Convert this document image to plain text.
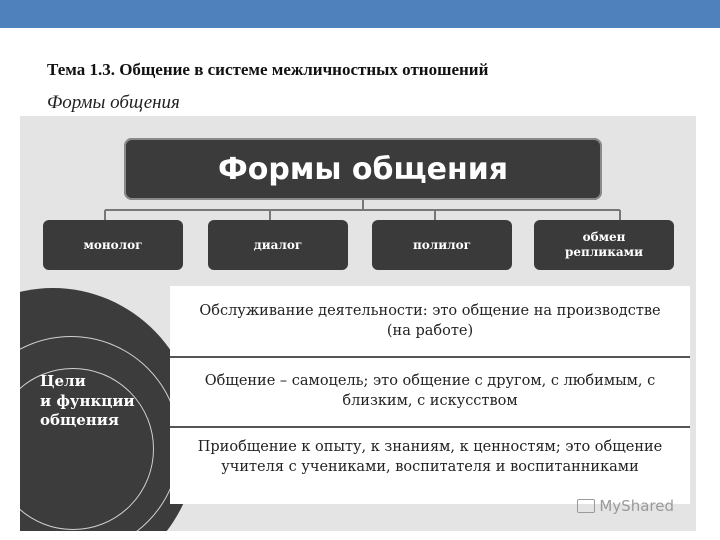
Тема 1.3. Общение в системе межличностных отношений
Формы общения
Формы общения
монолог	диалог	полилог
обмен
репликами
Цели
и функции
общения
Обслуживание деятельности: это общение на производстве (на работе)
Общение – самоцель; это общение с другом, с любимым, с близким, с искусством
Приобщение к опыту, к знаниям, к ценностям; это общение учителя с учениками, воспитателя и воспитанниками
MyShared
